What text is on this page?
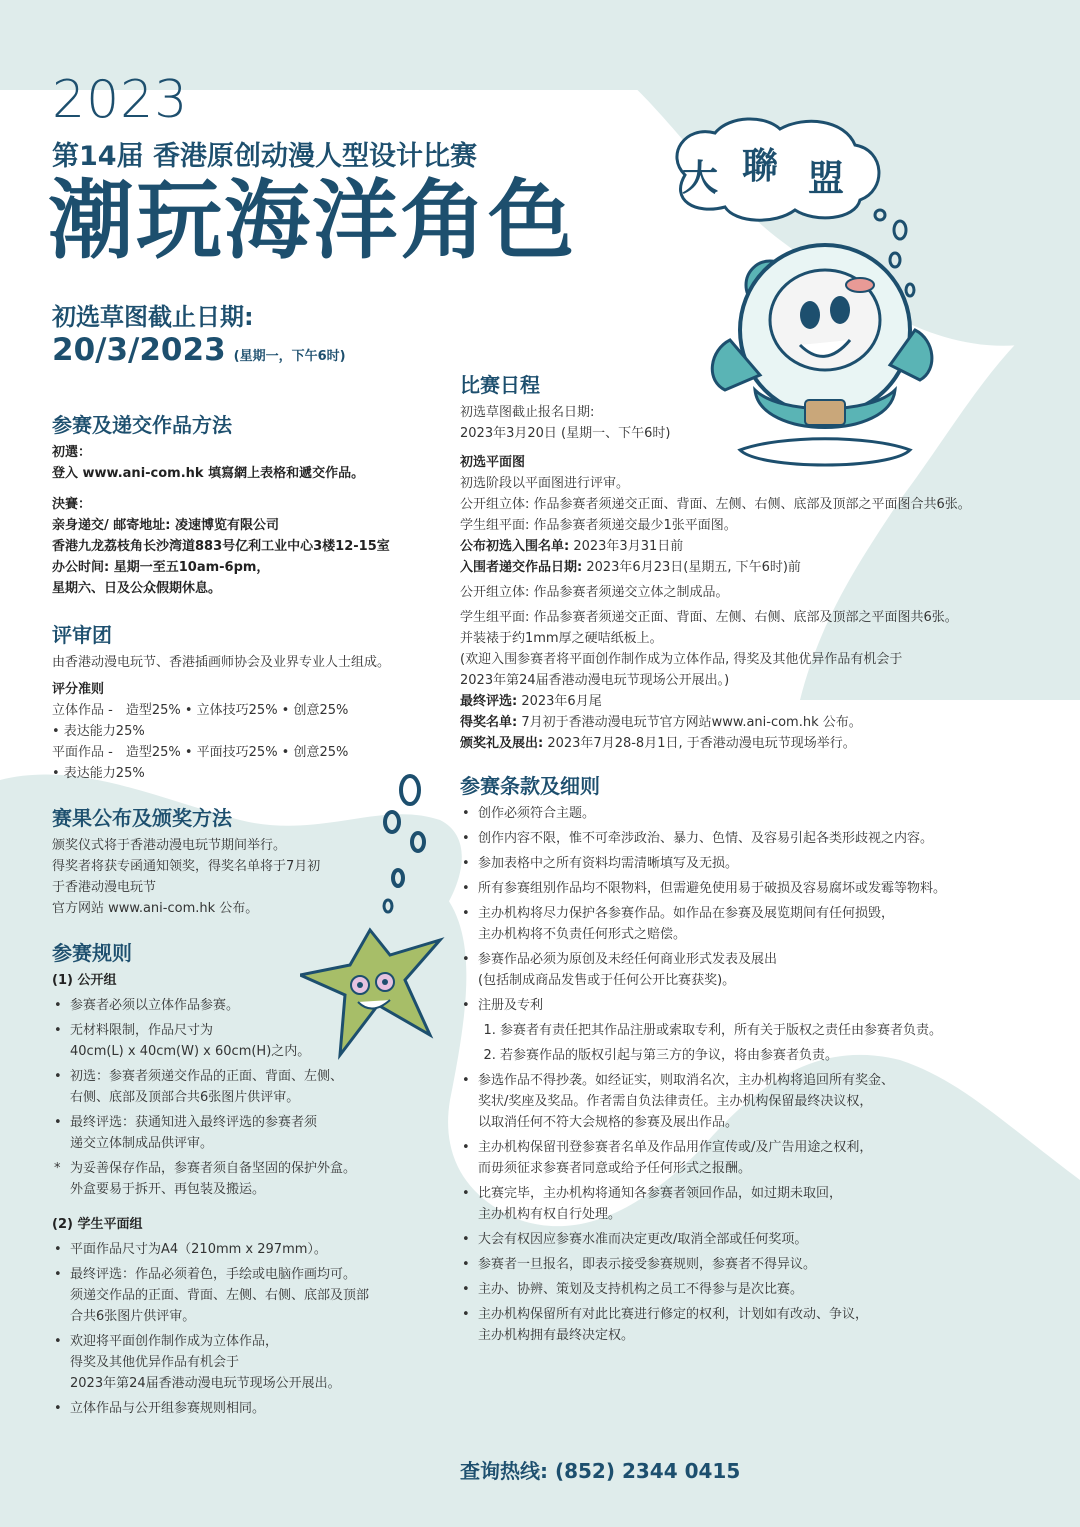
2023
第14届 香港原创动漫人型设计比赛
潮玩海洋角色
初选草图截止日期:
20/3/2023 (星期一，下午6时)
大 聯 盟
参赛及递交作品方法

初選：

登入 www.ani-com.hk 填寫網上表格和遞交作品。

決賽：

亲身递交/ 邮寄地址: 凌速博览有限公司

香港九龙荔枝角长沙湾道883号亿利工业中心3楼12-15室

办公时间: 星期一至五10am-6pm，

星期六、日及公众假期休息。

评审团

由香港动漫电玩节、香港插画师协会及业界专业人士组成。

评分准则

立体作品 -　造型25% • 立体技巧25% • 创意25%

• 表达能力25%

平面作品 -　造型25% • 平面技巧25% • 创意25%

• 表达能力25%

赛果公布及颁奖方法

颁奖仪式将于香港动漫电玩节期间举行。

得奖者将获专函通知领奖，得奖名单将于7月初

于香港动漫电玩节

官方网站 www.ani-com.hk 公布。

参赛规则

(1) 公开组

• 参赛者必须以立体作品参赛。
• 无材料限制，作品尺寸为
40cm(L) x 40cm(W) x 60cm(H)之内。
• 初选：参赛者须递交作品的正面、背面、左侧、
右侧、底部及顶部合共6张图片供评审。
• 最终评选：获通知进入最终评选的参赛者须
递交立体制成品供评审。
* 为妥善保存作品，参赛者须自备坚固的保护外盒。
外盒要易于拆开、再包装及搬运。

(2) 学生平面组

• 平面作品尺寸为A4（210mm x 297mm）。
• 最终评选：作品必须着色，手绘或电脑作画均可。
须递交作品的正面、背面、左侧、右侧、底部及顶部
合共6张图片供评审。
• 欢迎将平面创作制作成为立体作品，
得奖及其他优异作品有机会于
2023年第24届香港动漫电玩节现场公开展出。
• 立体作品与公开组参赛规则相同。
比赛日程

初选草图截止报名日期:

2023年3月20日 (星期一、下午6时)

初选平面图

初选阶段以平面图进行评审。

公开组立体: 作品参赛者须递交正面、背面、左侧、右侧、底部及顶部之平面图合共6张。

学生组平面: 作品参赛者须递交最少1张平面图。

公布初选入围名单: 2023年3月31日前

入围者递交作品日期: 2023年6月23日(星期五, 下午6时)前

公开组立体: 作品参赛者须递交立体之制成品。

学生组平面: 作品参赛者须递交正面、背面、左侧、右侧、底部及顶部之平面图共6张。

并装裱于约1mm厚之硬咭纸板上。

(欢迎入围参赛者将平面创作制作成为立体作品, 得奖及其他优异作品有机会于

2023年第24届香港动漫电玩节现场公开展出。)

最终评选: 2023年6月尾

得奖名单: 7月初于香港动漫电玩节官方网站www.ani-com.hk 公布。

颁奖礼及展出: 2023年7月28-8月1日, 于香港动漫电玩节现场举行。

参赛条款及细则
• 创作必须符合主题。
• 创作内容不限，惟不可牵涉政治、暴力、色情、及容易引起各类形歧视之内容。
• 参加表格中之所有资料均需清晰填写及无损。
• 所有参赛组别作品均不限物料，但需避免使用易于破损及容易腐坏或发霉等物料。
• 主办机构将尽力保护各参赛作品。如作品在参赛及展览期间有任何损毁，
主办机构将不负责任何形式之赔偿。
• 参赛作品必须为原创及未经任何商业形式发表及展出
(包括制成商品发售或于任何公开比赛获奖)。
• 注册及专利
1. 参赛者有责任把其作品注册或索取专利，所有关于版权之责任由参赛者负责。
2. 若参赛作品的版权引起与第三方的争议，将由参赛者负责。
• 参选作品不得抄袭。如经证实，则取消名次，主办机构将追回所有奖金、
奖状/奖座及奖品。作者需自负法律责任。主办机构保留最终决议权，
以取消任何不符大会规格的参赛及展出作品。
• 主办机构保留刊登参赛者名单及作品用作宣传或/及广告用途之权利，
而毋须征求参赛者同意或给予任何形式之报酬。
• 比赛完毕，主办机构将通知各参赛者领回作品，如过期未取回，
主办机构有权自行处理。
• 大会有权因应参赛水准而决定更改/取消全部或任何奖项。
• 参赛者一旦报名，即表示接受参赛规则，参赛者不得异议。
• 主办、协辨、策划及支持机构之员工不得参与是次比赛。
• 主办机构保留所有对此比赛进行修定的权利，计划如有改动、争议，
主办机构拥有最终决定权。
查询热线: (852) 2344 0415
